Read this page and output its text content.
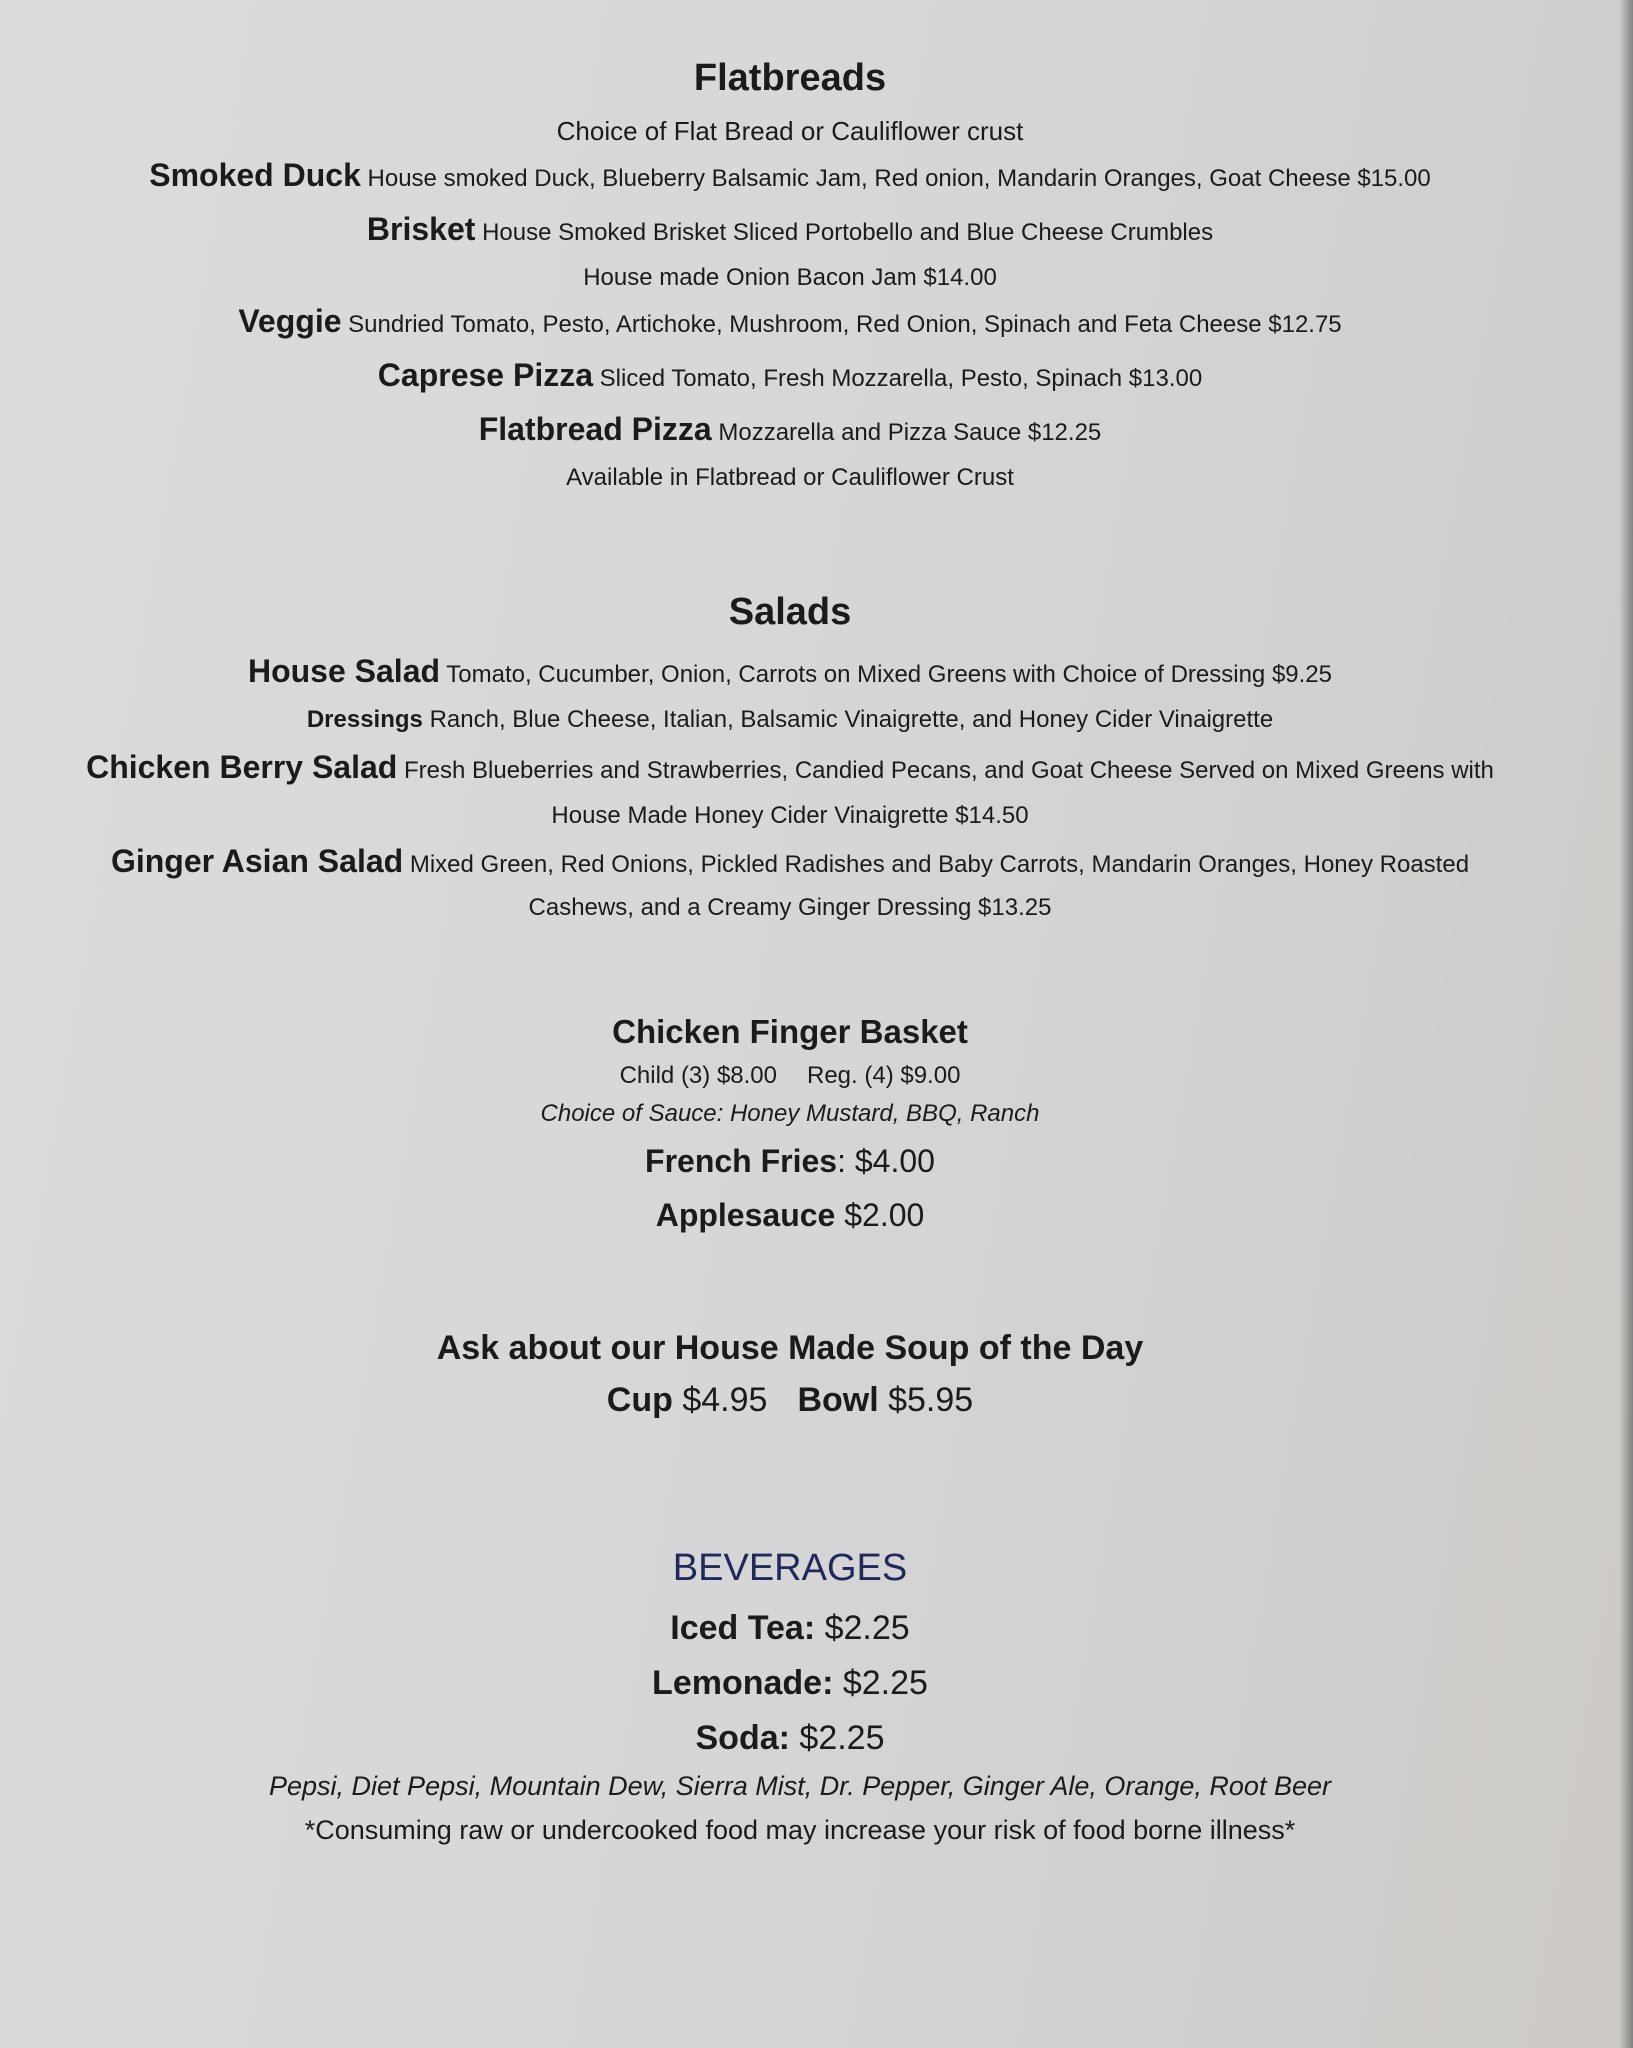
Flatbreads
Choice of Flat Bread or Cauliflower crust
Smoked Duck House smoked Duck, Blueberry Balsamic Jam, Red onion, Mandarin Oranges, Goat Cheese $15.00
Brisket House Smoked Brisket Sliced Portobello and Blue Cheese Crumbles
House made Onion Bacon Jam $14.00
Veggie Sundried Tomato, Pesto, Artichoke, Mushroom, Red Onion, Spinach and Feta Cheese $12.75
Caprese Pizza Sliced Tomato, Fresh Mozzarella, Pesto, Spinach $13.00
Flatbread Pizza Mozzarella and Pizza Sauce $12.25
Available in Flatbread or Cauliflower Crust
Salads
House Salad Tomato, Cucumber, Onion, Carrots on Mixed Greens with Choice of Dressing $9.25
Dressings Ranch, Blue Cheese, Italian, Balsamic Vinaigrette, and Honey Cider Vinaigrette
Chicken Berry Salad Fresh Blueberries and Strawberries, Candied Pecans, and Goat Cheese Served on Mixed Greens with
House Made Honey Cider Vinaigrette $14.50
Ginger Asian Salad Mixed Green, Red Onions, Pickled Radishes and Baby Carrots, Mandarin Oranges, Honey Roasted
Cashews, and a Creamy Ginger Dressing $13.25
Chicken Finger Basket
Child (3) $8.00 Reg. (4) $9.00
Choice of Sauce: Honey Mustard, BBQ, Ranch
French Fries: $4.00
Applesauce $2.00
Ask about our House Made Soup of the Day
Cup $4.95 Bowl $5.95
BEVERAGES
Iced Tea: $2.25
Lemonade: $2.25
Soda: $2.25
Pepsi, Diet Pepsi, Mountain Dew, Sierra Mist, Dr. Pepper, Ginger Ale, Orange, Root Beer
*Consuming raw or undercooked food may increase your risk of food borne illness*
